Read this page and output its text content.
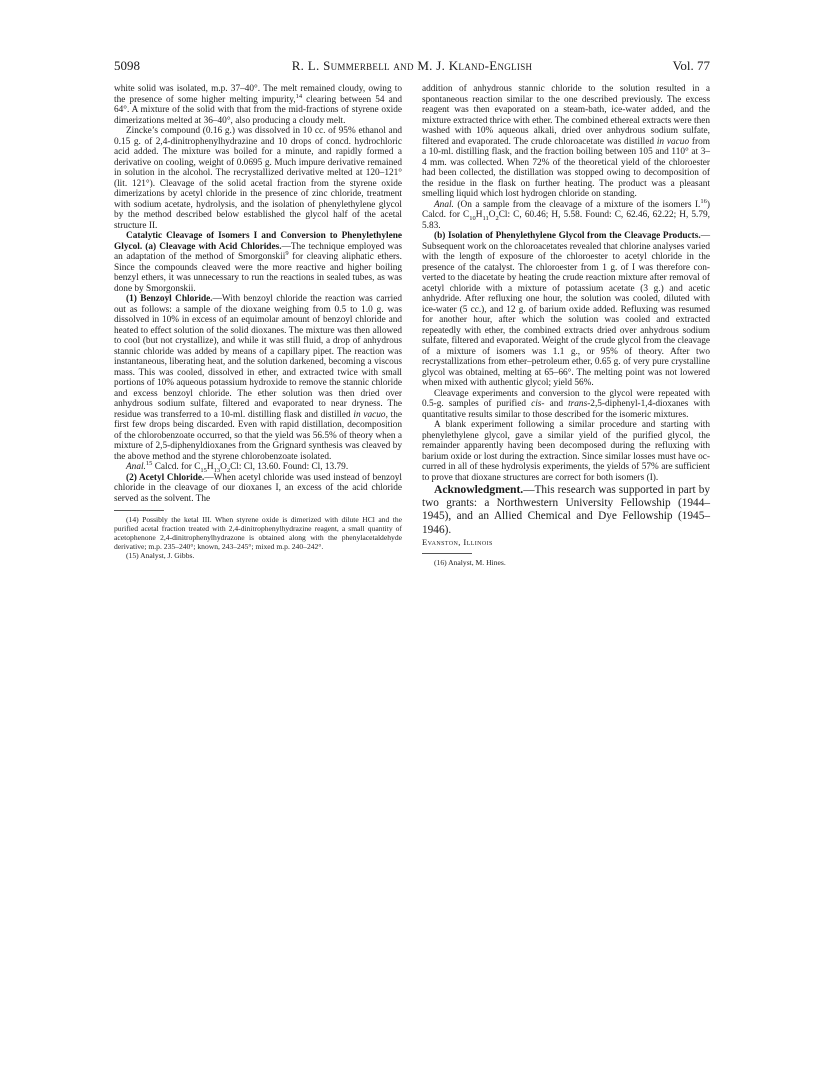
5098	R. L. Summerbell and M. J. Kland-English	Vol. 77

white solid was isolated, m.p. 37–40°. The melt remained cloudy, owing to the presence of some higher melting impurity,$^{14}$ clearing between 54 and 64°. A mixture of the solid with that from the mid-fractions of styrene oxide dimerizations melted at 36–40°, also producing a cloudy melt.

Zincke’s compound (0.16 g.) was dissolved in 10 cc. of 95% ethanol and 0.15 g. of 2,4-dinitrophenylhydrazine and 10 drops of concd. hydrochloric acid added. The mixture was boiled for a minute, and rapidly formed a derivative on cooling, weight of 0.0695 g. Much impure derivative remained in solution in the alcohol. The recrystallized derivative melted at 120–121° (lit. 121°). Cleavage of the solid acetal fraction from the styrene oxide dimerizations by acetyl chloride in the presence of zinc chloride, treatment with sodium acetate, hydrolysis, and the isolation of phenylethylene glycol by the method described below established the glycol half of the acetal structure II.

Catalytic Cleavage of Isomers I and Conversion to Phenylethylene Glycol. (a) Cleavage with Acid Chlorides.—The technique employed was an adaptation of the method of Smorgonskii$^9$ for cleaving aliphatic ethers. Since the compounds cleaved were the more reactive and higher boiling benzyl ethers, it was unnecessary to run the reactions in sealed tubes, as was done by Smorgonskii.

(1) Benzoyl Chloride.—With benzoyl chloride the reaction was carried out as follows: a sample of the dioxane weighing from 0.5 to 1.0 g. was dissolved in 10% in excess of an equimolar amount of benzoyl chloride and heated to effect solution of the solid dioxanes. The mixture was then allowed to cool (but not crystallize), and while it was still fluid, a drop of anhydrous stannic chloride was added by means of a capillary pipet. The reaction was instantaneous, liberating heat, and the solution darkened, becoming a viscous mass. This was cooled, dissolved in ether, and extracted twice with small portions of 10% aqueous potassium hydroxide to remove the stannic chloride and excess benzoyl chloride. The ether solution was then dried over anhydrous sodium sulfate, filtered and evaporated to near dryness. The residue was transferred to a 10-ml. distilling flask and distilled in vacuo, the first few drops being discarded. Even with rapid distillation, decomposition of the chlorobenzoate occurred, so that the yield was 56.5% of theory when a mixture of 2,5-diphenyldioxanes from the Grignard synthesis was cleaved by the above method and the styrene chlorobenzoate isolated.

Anal.$^{15}$ Calcd. for $C_{15}H_{13}O_2Cl$: Cl, 13.60. Found: Cl, 13.79.

(2) Acetyl Chloride.—When acetyl chloride was used instead of benzoyl chloride in the cleavage of our dioxanes I, an excess of the acid chloride served as the solvent. The

(14) Possibly the ketal III. When styrene oxide is dimerized with dilute HCl and the purified acetal fraction treated with 2,4-dinitrophenylhydrazine reagent, a small quantity of acetophenone 2,4-dinitrophenylhydrazone is obtained along with the phenylacetaldehyde derivative; m.p. 235–240°; known, 243–245°; mixed m.p. 240–242°.

(15) Analyst, J. Gibbs.

addition of anhydrous stannic chloride to the solution resulted in a spontaneous reaction similar to the one described previously. The excess reagent was then evaporated on a steam-bath, ice-water added, and the mixture extracted thrice with ether. The combined ethereal extracts were then washed with 10% aqueous alkali, dried over anhydrous sodium sulfate, filtered and evaporated. The crude chloroacetate was distilled in vacuo from a 10-ml. distilling flask, and the fraction boiling between 105 and 110° at 3–4 mm. was collected. When 72% of the theoretical yield of the chloroester had been collected, the distillation was stopped owing to decomposition of the residue in the flask on further heating. The product was a pleasant smelling liquid which lost hydrogen chloride on standing.

Anal. (On a sample from the cleavage of a mixture of the isomers I.$^{16}$) Calcd. for $C_{10}H_{11}O_2Cl$: C, 60.46; H, 5.58. Found: C, 62.46, 62.22; H, 5.79, 5.83.

(b) Isolation of Phenylethylene Glycol from the Cleavage Products.—Subsequent work on the chloroacetates revealed that chlorine analyses varied with the length of exposure of the chloroester to acetyl chloride in the presence of the catalyst. The chloroester from 1 g. of I was therefore converted to the diacetate by heating the crude reaction mixture after removal of acetyl chloride with a mixture of potassium acetate (3 g.) and acetic anhydride. After refluxing one hour, the solution was cooled, diluted with ice-water (5 cc.), and 12 g. of barium oxide added. Refluxing was resumed for another hour, after which the solution was cooled and extracted repeatedly with ether, the combined extracts dried over anhydrous sodium sulfate, filtered and evaporated. Weight of the crude glycol from the cleavage of a mixture of isomers was 1.1 g., or 95% of theory. After two recrystallizations from ether–petroleum ether, 0.65 g. of very pure crystalline glycol was obtained, melting at 65–66°. The melting point was not lowered when mixed with authentic glycol; yield 56%.

Cleavage experiments and conversion to the glycol were repeated with 0.5-g. samples of purified cis- and trans-2,5-diphenyl-1,4-dioxanes with quantitative results similar to those described for the isomeric mixtures.

A blank experiment following a similar procedure and starting with phenylethylene glycol, gave a similar yield of the purified glycol, the remainder apparently having been decomposed during the refluxing with barium oxide or lost during the extraction. Since similar losses must have occurred in all of these hydrolysis experiments, the yields of 57% are sufficient to prove that dioxane structures are correct for both isomers (I).

Acknowledgment.—This research was supported in part by two grants: a Northwestern University Fellowship (1944–1945), and an Allied Chemical and Dye Fellowship (1945–1946).

Evanston, Illinois

(16) Analyst, M. Hines.
